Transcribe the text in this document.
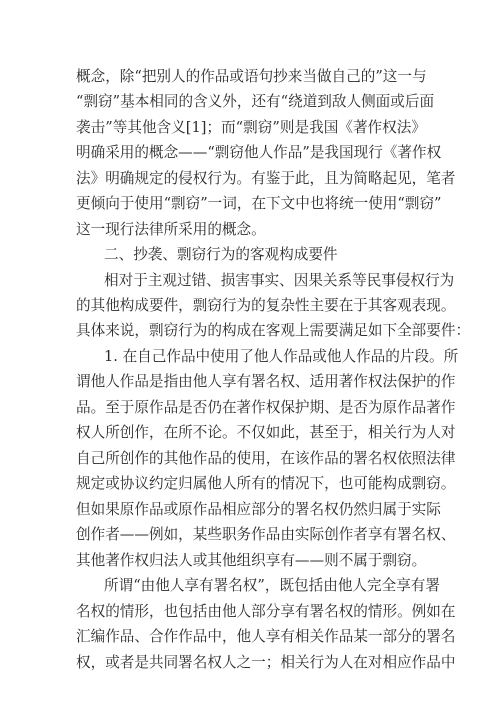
概念，除“把别人的作品或语句抄来当做自己的”这一与
“剽窃”基本相同的含义外，还有“绕道到敌人侧面或后面
袭击”等其他含义[1]；而“剽窃”则是我国《著作权法》
明确采用的概念——“剽窃他人作品”是我国现行《著作权
法》明确规定的侵权行为。有鉴于此，且为简略起见，笔者
更倾向于使用“剽窃”一词，在下文中也将统一使用“剽窃”
这一现行法律所采用的概念。
二、抄袭、剽窃行为的客观构成要件
相对于主观过错、损害事实、因果关系等民事侵权行为
的其他构成要件，剽窃行为的复杂性主要在于其客观表现。
具体来说，剽窃行为的构成在客观上需要满足如下全部要件：
1. 在自己作品中使用了他人作品或他人作品的片段。所
谓他人作品是指由他人享有署名权、适用著作权法保护的作
品。至于原作品是否仍在著作权保护期、是否为原作品著作
权人所创作，在所不论。不仅如此，甚至于，相关行为人对
自己所创作的其他作品的使用，在该作品的署名权依照法律
规定或协议约定归属他人所有的情况下，也可能构成剽窃。
但如果原作品或原作品相应部分的署名权仍然归属于实际
创作者——例如，某些职务作品由实际创作者享有署名权、
其他著作权归法人或其他组织享有——则不属于剽窃。
所谓“由他人享有署名权”，既包括由他人完全享有署
名权的情形，也包括由他人部分享有署名权的情形。例如在
汇编作品、合作作品中，他人享有相关作品某一部分的署名
权，或者是共同署名权人之一；相关行为人在对相应作品中
